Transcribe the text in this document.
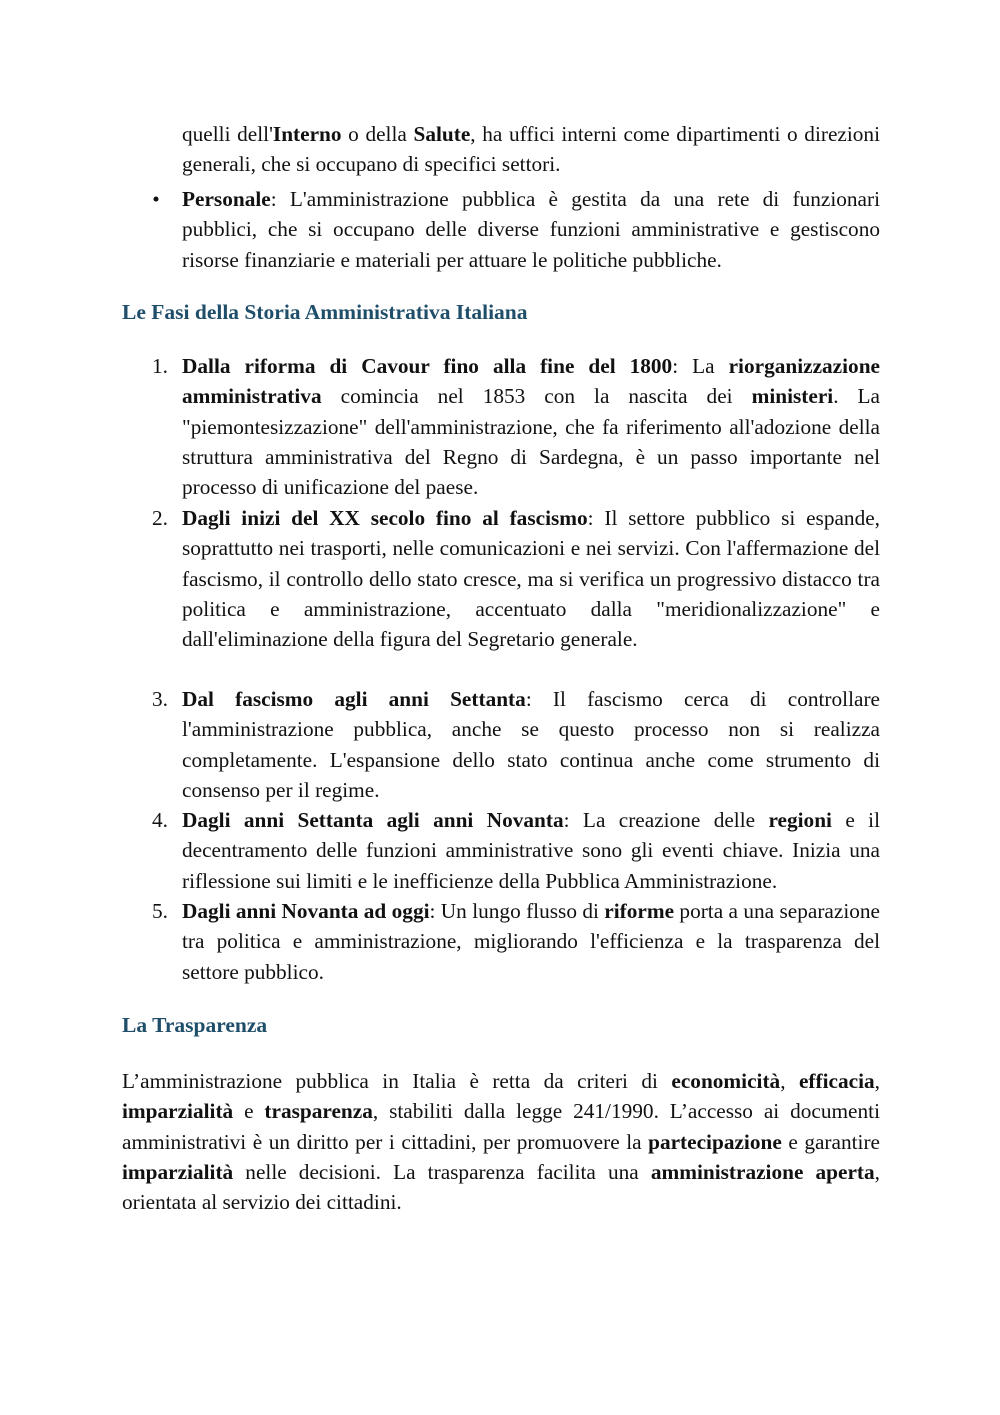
quelli dell'Interno o della Salute, ha uffici interni come dipartimenti o direzioni generali, che si occupano di specifici settori.

• Personale: L'amministrazione pubblica è gestita da una rete di funzionari pubblici, che si occupano delle diverse funzioni amministrative e gestiscono risorse finanziarie e materiali per attuare le politiche pubbliche.

Le Fasi della Storia Amministrativa Italiana
1. Dalla riforma di Cavour fino alla fine del 1800: La riorganizzazione amministrativa comincia nel 1853 con la nascita dei ministeri. La "piemontesizzazione" dell'amministrazione, che fa riferimento all'adozione della struttura amministrativa del Regno di Sardegna, è un passo importante nel processo di unificazione del paese.

2. Dagli inizi del XX secolo fino al fascismo: Il settore pubblico si espande, soprattutto nei trasporti, nelle comunicazioni e nei servizi. Con l'affermazione del fascismo, il controllo dello stato cresce, ma si verifica un progressivo distacco tra politica e amministrazione, accentuato dalla "meridionalizzazione" e dall'eliminazione della figura del Segretario generale.

3. Dal fascismo agli anni Settanta: Il fascismo cerca di controllare l'amministrazione pubblica, anche se questo processo non si realizza completamente. L'espansione dello stato continua anche come strumento di consenso per il regime.

4. Dagli anni Settanta agli anni Novanta: La creazione delle regioni e il decentramento delle funzioni amministrative sono gli eventi chiave. Inizia una riflessione sui limiti e le inefficienze della Pubblica Amministrazione.

5. Dagli anni Novanta ad oggi: Un lungo flusso di riforme porta a una separazione tra politica e amministrazione, migliorando l'efficienza e la trasparenza del settore pubblico.

La Trasparenza

L’amministrazione pubblica in Italia è retta da criteri di economicità, efficacia, imparzialità e trasparenza, stabiliti dalla legge 241/1990. L’accesso ai documenti amministrativi è un diritto per i cittadini, per promuovere la partecipazione e garantire imparzialità nelle decisioni. La trasparenza facilita una amministrazione aperta, orientata al servizio dei cittadini.
